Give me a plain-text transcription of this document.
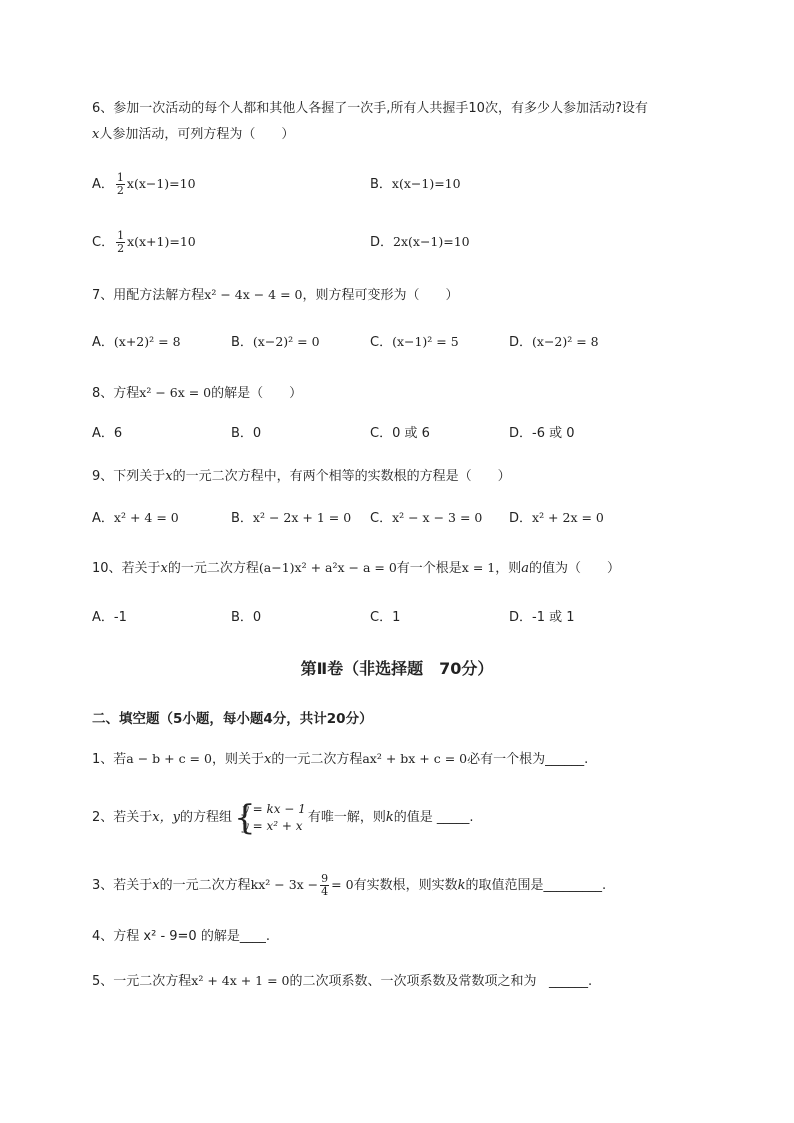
6、参加一次活动的每个人都和其他人各握了一次手,所有人共握手10次，有多少人参加活动?设有
x人参加活动，可列方程为（　　）
A． $\frac{1}{2} x(x-1)=10$	B．x(x−1)=10
C． $\frac{1}{2} x(x+1)=10$	D．2x(x−1)=10
7、用配方法解方程x² − 4x − 4 = 0，则方程可变形为（　　）
A．(x+2)² = 8	B．(x−2)² = 0	C．(x−1)² = 5	D．(x−2)² = 8
8、方程x² − 6x = 0的解是（　　）
A．6	B．0	C．0 或 6	D．-6 或 0
9、下列关于x的一元二次方程中，有两个相等的实数根的方程是（　　）
A．x² + 4 = 0	B．x² − 2x + 1 = 0 C．x² − x − 3 = 0 D．x² + 2x = 0
10、若关于x的一元二次方程(a−1)x² + a²x − a = 0有一个根是x = 1，则a的值为（　　）
A．-1	B．0	C．1	D．-1 或 1
第Ⅱ卷（非选择题　70分）
二、填空题（5小题，每小题4分，共计20分）
1、若a − b + c = 0，则关于x的一元二次方程ax² + bx + c = 0必有一个根为______.
2、若关于x，y的方程组 {
y = kx − 1
y = x² + x
有唯一解，则k的值是 _____.
3、若关于x的一元二次方程$kx^2 - 3x - \frac{9}{4} = 0$有实数根，则实数k的取值范围是_________.
4、方程 x² - 9=0 的解是____.
5、一元二次方程x² + 4x + 1 = 0的二次项系数、一次项系数及常数项之和为 ______.
